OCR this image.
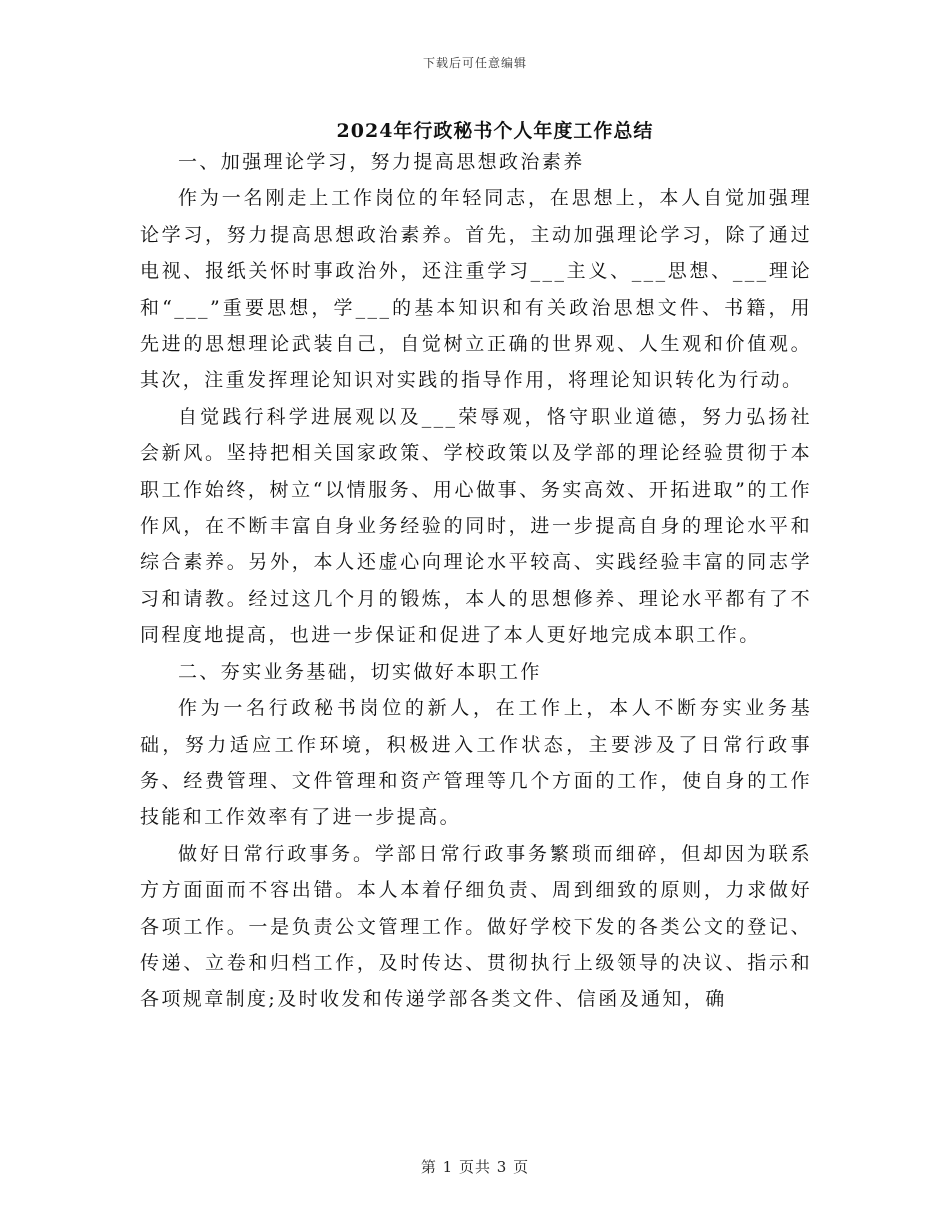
下载后可任意编辑
2024年行政秘书个人年度工作总结

一、加强理论学习，努力提高思想政治素养

作为一名刚走上工作岗位的年轻同志，在思想上，本人自觉加强理论学习，努力提高思想政治素养。首先，主动加强理论学习，除了通过电视、报纸关怀时事政治外，还注重学习___主义、___思想、___理论和“___”重要思想，学___的基本知识和有关政治思想文件、书籍，用先进的思想理论武装自己，自觉树立正确的世界观、人生观和价值观。其次，注重发挥理论知识对实践的指导作用，将理论知识转化为行动。

自觉践行科学进展观以及___荣辱观，恪守职业道德，努力弘扬社会新风。坚持把相关国家政策、学校政策以及学部的理论经验贯彻于本职工作始终，树立“以情服务、用心做事、务实高效、开拓进取”的工作作风，在不断丰富自身业务经验的同时，进一步提高自身的理论水平和综合素养。另外，本人还虚心向理论水平较高、实践经验丰富的同志学习和请教。经过这几个月的锻炼，本人的思想修养、理论水平都有了不同程度地提高，也进一步保证和促进了本人更好地完成本职工作。

二、夯实业务基础，切实做好本职工作

作为一名行政秘书岗位的新人，在工作上，本人不断夯实业务基础，努力适应工作环境，积极进入工作状态，主要涉及了日常行政事务、经费管理、文件管理和资产管理等几个方面的工作，使自身的工作技能和工作效率有了进一步提高。

做好日常行政事务。学部日常行政事务繁琐而细碎，但却因为联系方方面面而不容出错。本人本着仔细负责、周到细致的原则，力求做好各项工作。一是负责公文管理工作。做好学校下发的各类公文的登记、传递、立卷和归档工作，及时传达、贯彻执行上级领导的决议、指示和各项规章制度;及时收发和传递学部各类文件、信函及通知，确

第 1 页共 3 页
